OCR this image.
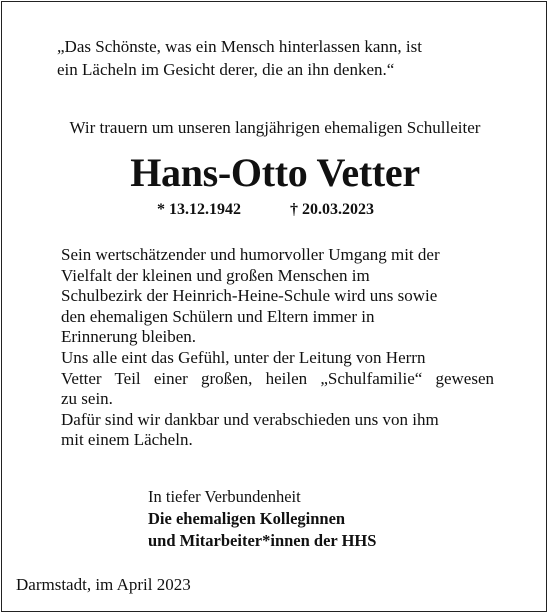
„Das Schönste, was ein Mensch hinterlassen kann, ist
ein Lächeln im Gesicht derer, die an ihn denken.“
Wir trauern um unseren langjährigen ehemaligen Schulleiter
Hans-Otto Vetter
* 13.12.1942	† 20.03.2023

Sein wertschätzender und humorvoller Umgang mit der

Vielfalt der kleinen und großen Menschen im

Schulbezirk der Heinrich-Heine-Schule wird uns sowie

den ehemaligen Schülern und Eltern immer in

Erinnerung bleiben.

Uns alle eint das Gefühl, unter der Leitung von Herrn

Vetter Teil einer großen, heilen „Schulfamilie“ gewesen

zu sein.

Dafür sind wir dankbar und verabschieden uns von ihm

mit einem Lächeln.

In tiefer Verbundenheit
Die ehemaligen Kolleginnen
und Mitarbeiter*innen der HHS
Darmstadt, im April 2023
